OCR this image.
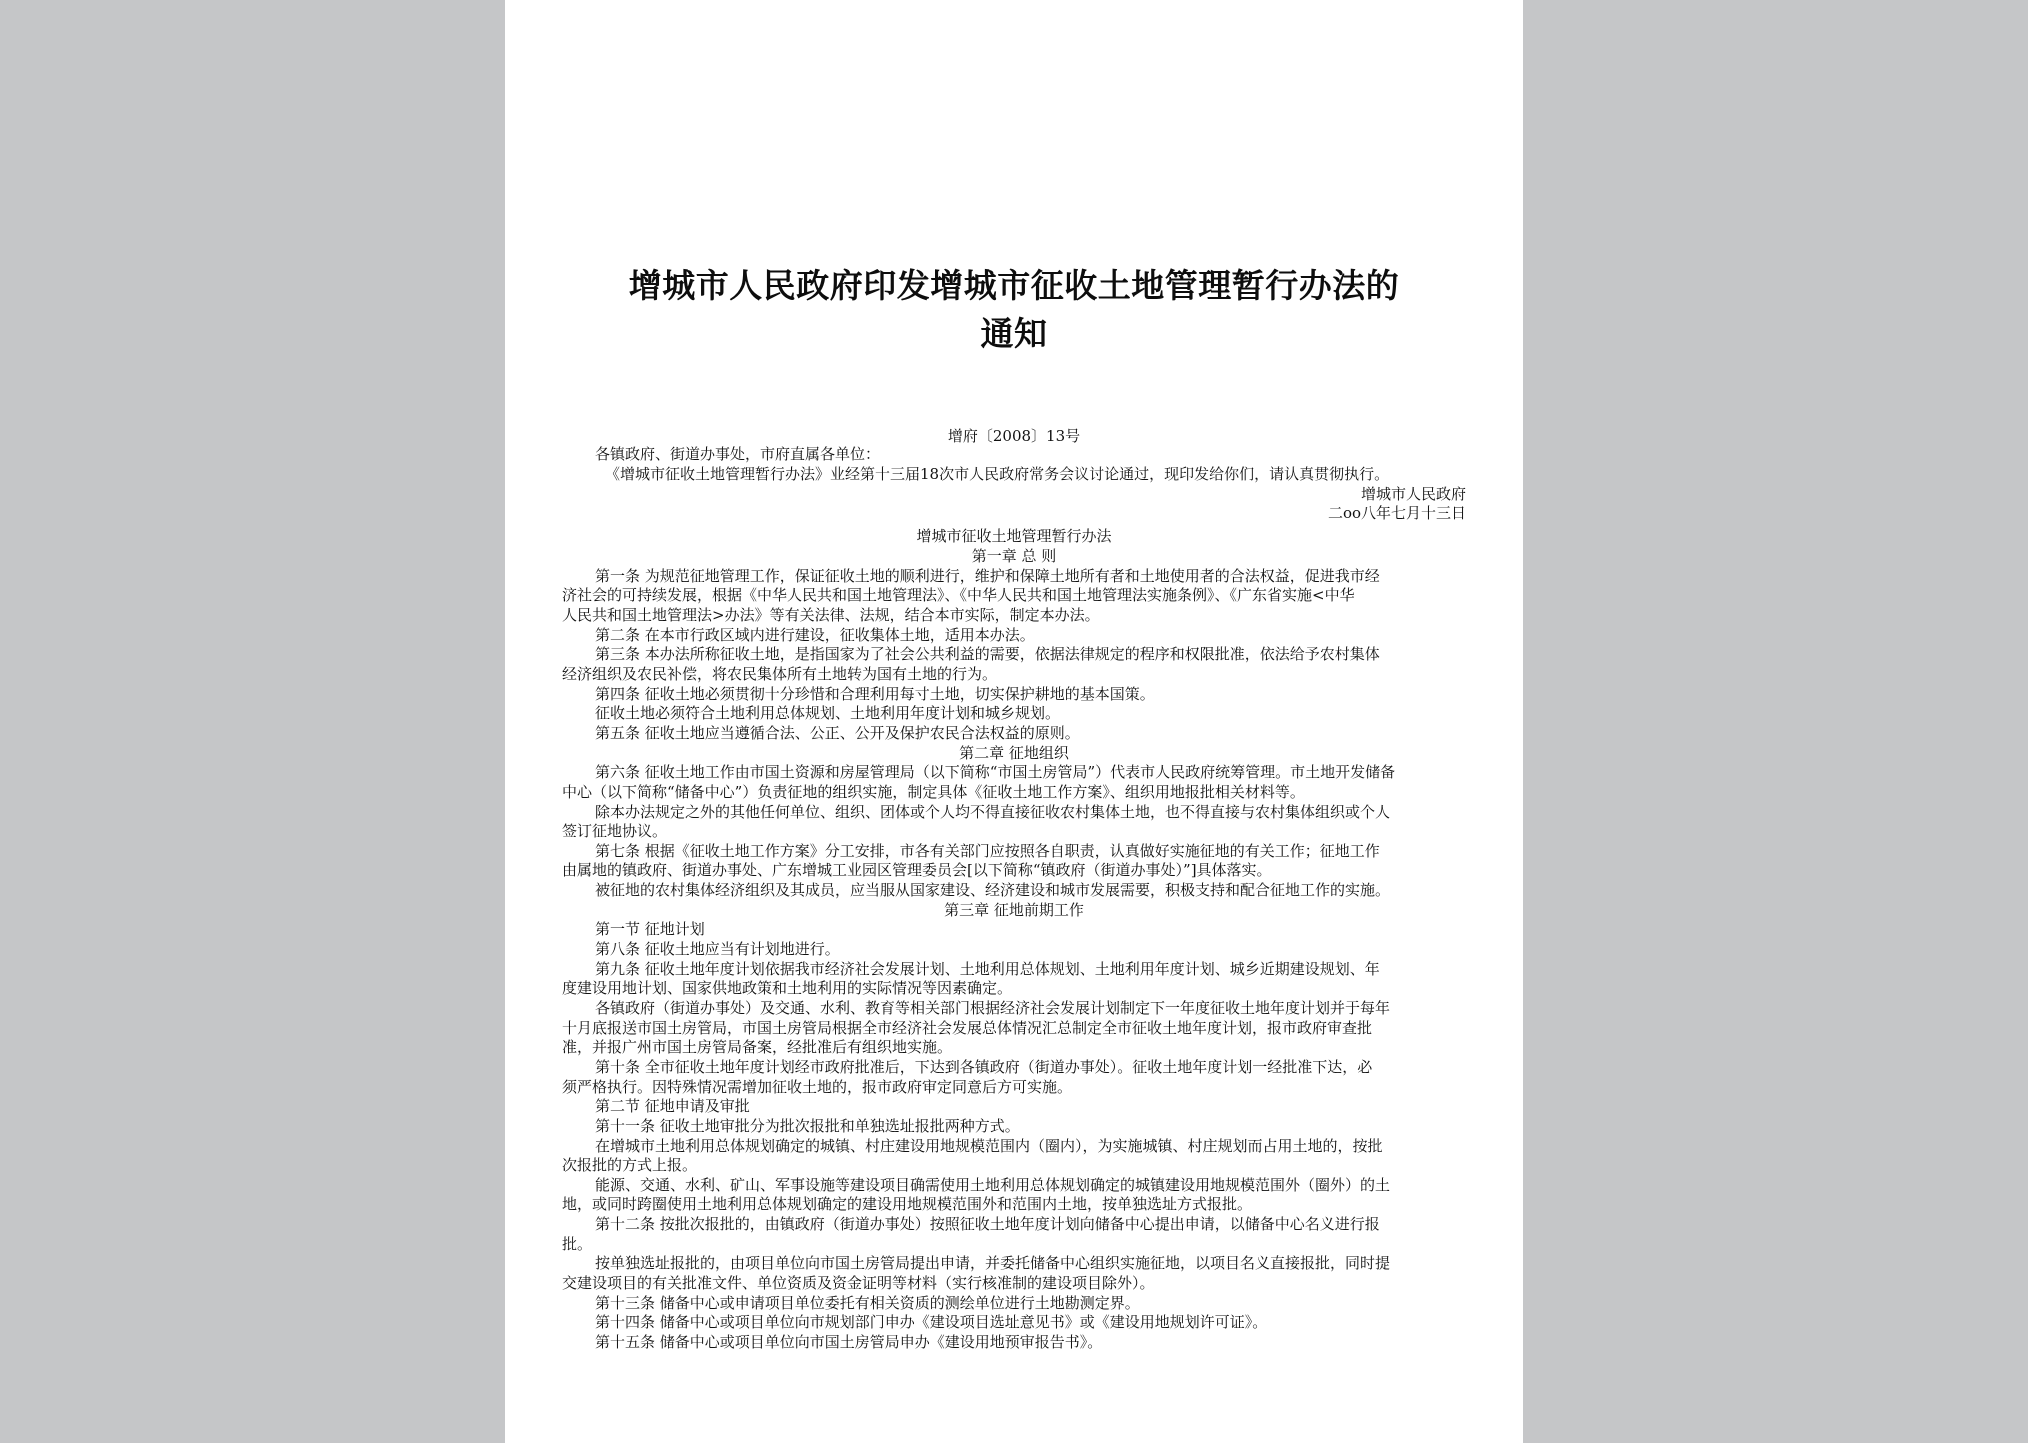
增城市人民政府印发增城市征收土地管理暂行办法的
通知
增府〔2008〕13号
各镇政府、街道办事处，市府直属各单位：
《增城市征收土地管理暂行办法》业经第十三届18次市人民政府常务会议讨论通过，现印发给你们，请认真贯彻执行。
增城市人民政府
二oo八年七月十三日
增城市征收土地管理暂行办法
第一章 总 则
第一条 为规范征地管理工作，保证征收土地的顺利进行，维护和保障土地所有者和土地使用者的合法权益，促进我市经
济社会的可持续发展，根据《中华人民共和国土地管理法》、《中华人民共和国土地管理法实施条例》、《广东省实施<中华
人民共和国土地管理法>办法》等有关法律、法规，结合本市实际，制定本办法。
第二条 在本市行政区域内进行建设，征收集体土地，适用本办法。
第三条 本办法所称征收土地，是指国家为了社会公共利益的需要，依据法律规定的程序和权限批准，依法给予农村集体
经济组织及农民补偿，将农民集体所有土地转为国有土地的行为。
第四条 征收土地必须贯彻十分珍惜和合理利用每寸土地，切实保护耕地的基本国策。
征收土地必须符合土地利用总体规划、土地利用年度计划和城乡规划。
第五条 征收土地应当遵循合法、公正、公开及保护农民合法权益的原则。
第二章 征地组织
第六条 征收土地工作由市国土资源和房屋管理局（以下简称“市国土房管局”）代表市人民政府统筹管理。市土地开发储备
中心（以下简称“储备中心”）负责征地的组织实施，制定具体《征收土地工作方案》、组织用地报批相关材料等。
除本办法规定之外的其他任何单位、组织、团体或个人均不得直接征收农村集体土地，也不得直接与农村集体组织或个人
签订征地协议。
第七条 根据《征收土地工作方案》分工安排，市各有关部门应按照各自职责，认真做好实施征地的有关工作；征地工作
由属地的镇政府、街道办事处、广东增城工业园区管理委员会[以下简称“镇政府（街道办事处）”]具体落实。
被征地的农村集体经济组织及其成员，应当服从国家建设、经济建设和城市发展需要，积极支持和配合征地工作的实施。
第三章 征地前期工作
第一节 征地计划
第八条 征收土地应当有计划地进行。
第九条 征收土地年度计划依据我市经济社会发展计划、土地利用总体规划、土地利用年度计划、城乡近期建设规划、年
度建设用地计划、国家供地政策和土地利用的实际情况等因素确定。
各镇政府（街道办事处）及交通、水利、教育等相关部门根据经济社会发展计划制定下一年度征收土地年度计划并于每年
十月底报送市国土房管局，市国土房管局根据全市经济社会发展总体情况汇总制定全市征收土地年度计划，报市政府审查批
准，并报广州市国土房管局备案，经批准后有组织地实施。
第十条 全市征收土地年度计划经市政府批准后，下达到各镇政府（街道办事处）。征收土地年度计划一经批准下达，必
须严格执行。因特殊情况需增加征收土地的，报市政府审定同意后方可实施。
第二节 征地申请及审批
第十一条 征收土地审批分为批次报批和单独选址报批两种方式。
在增城市土地利用总体规划确定的城镇、村庄建设用地规模范围内（圈内），为实施城镇、村庄规划而占用土地的，按批
次报批的方式上报。
能源、交通、水利、矿山、军事设施等建设项目确需使用土地利用总体规划确定的城镇建设用地规模范围外（圈外）的土
地，或同时跨圈使用土地利用总体规划确定的建设用地规模范围外和范围内土地，按单独选址方式报批。
第十二条 按批次报批的，由镇政府（街道办事处）按照征收土地年度计划向储备中心提出申请，以储备中心名义进行报
批。
按单独选址报批的，由项目单位向市国土房管局提出申请，并委托储备中心组织实施征地，以项目名义直接报批，同时提
交建设项目的有关批准文件、单位资质及资金证明等材料（实行核准制的建设项目除外）。
第十三条 储备中心或申请项目单位委托有相关资质的测绘单位进行土地勘测定界。
第十四条 储备中心或项目单位向市规划部门申办《建设项目选址意见书》或《建设用地规划许可证》。
第十五条 储备中心或项目单位向市国土房管局申办《建设用地预审报告书》。
